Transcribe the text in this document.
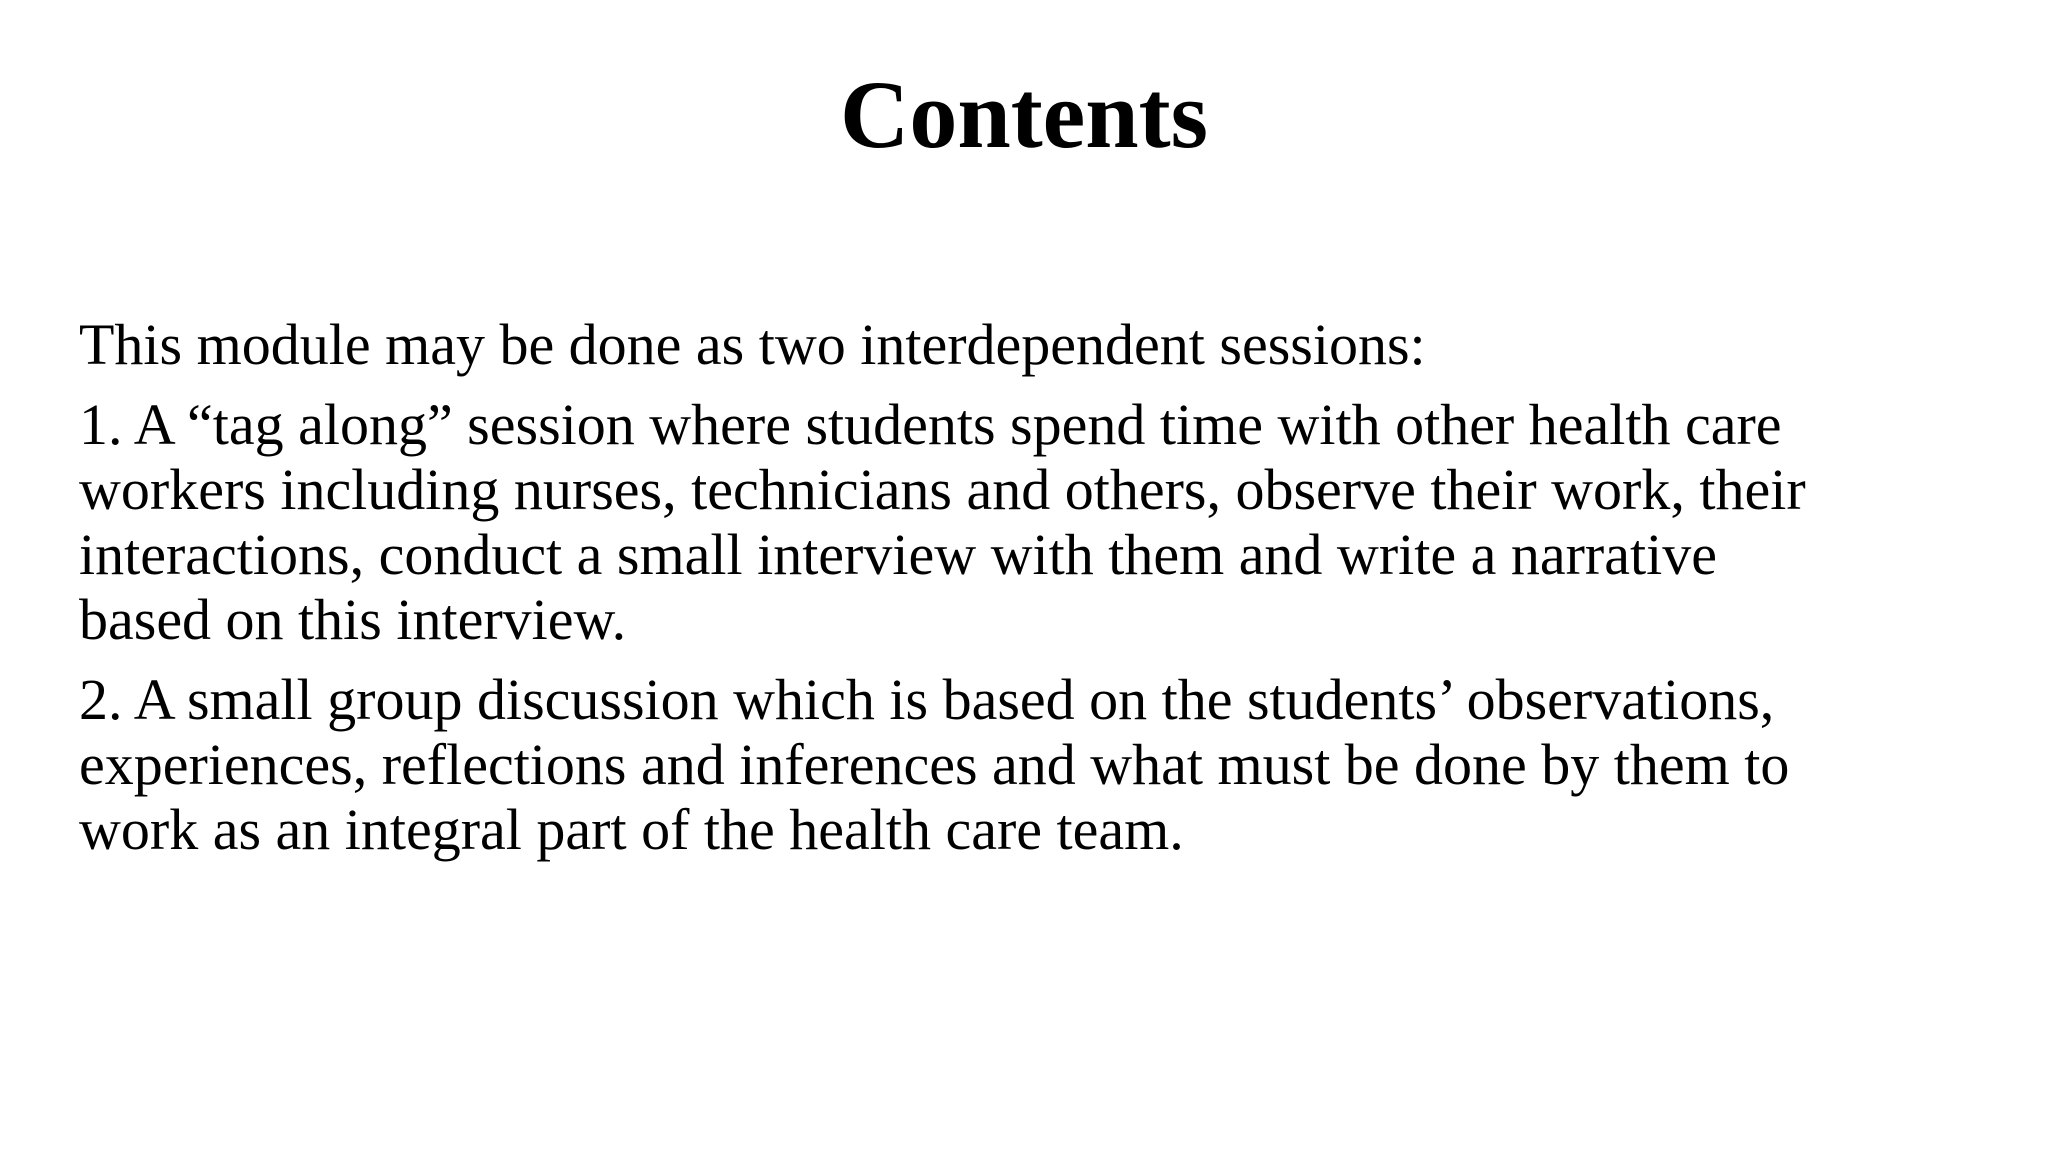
Contents
This module may be done as two interdependent sessions:
1. A “tag along” session where students spend time with other health care
workers including nurses, technicians and others, observe their work, their
interactions, conduct a small interview with them and write a narrative
based on this interview.
2. A small group discussion which is based on the students’ observations,
experiences, reflections and inferences and what must be done by them to
work as an integral part of the health care team.
